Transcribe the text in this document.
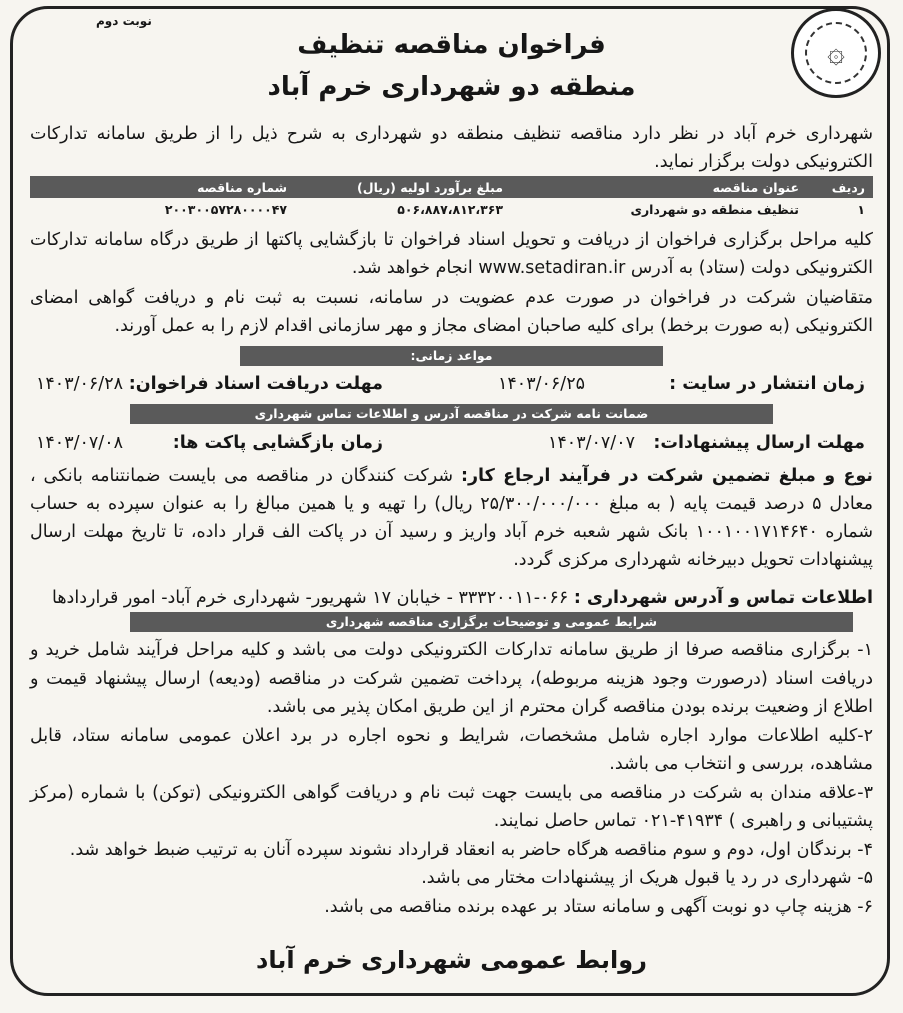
۞
نوبت دوم
فراخوان مناقصه تنظیف
منطقه دو شهرداری خرم آباد
شهرداری خرم آباد در نظر دارد مناقصه تنظیف منطقه دو شهرداری به شرح ذیل را از طریق سامانه تدارکات الکترونیکی دولت برگزار نماید.
ردیف	عنوان مناقصه	مبلغ برآورد اولیه (ریال)	شماره مناقصه
۱	تنظیف منطقه دو شهرداری	۵۰۶،۸۸۷،۸۱۲،۳۶۳	۲۰۰۳۰۰۵۷۲۸۰۰۰۰۴۷
کلیه مراحل برگزاری فراخوان از دریافت و تحویل اسناد فراخوان تا بازگشایی پاکتها از طریق درگاه سامانه تدارکات الکترونیکی دولت (ستاد) به آدرس www.setadiran.ir انجام خواهد شد.
متقاضیان شرکت در فراخوان در صورت عدم عضویت در سامانه، نسبت به ثبت نام و دریافت گواهی امضای الکترونیکی (به صورت برخط) برای کلیه صاحبان امضای مجاز و مهر سازمانی اقدام لازم را به عمل آورند.
مواعد زمانی:
زمان انتشار در سایت :
۱۴۰۳/۰۶/۲۵
مهلت دریافت اسناد فراخوان:
۱۴۰۳/۰۶/۲۸
ضمانت نامه شرکت در مناقصه آدرس و اطلاعات تماس شهرداری
مهلت ارسال پیشنهادات:
۱۴۰۳/۰۷/۰۷
زمان بازگشایی پاکت ها:
۱۴۰۳/۰۷/۰۸
نوع و مبلغ تضمین شرکت در فرآیند ارجاع کار: شرکت کنندگان در مناقصه می بایست ضمانتنامه بانکی ، معادل ۵ درصد قیمت پایه ( به مبلغ ۲۵/۳۰۰/۰۰۰/۰۰۰ ریال) را تهیه و یا همین مبالغ را به عنوان سپرده به حساب شماره ۱۰۰۱۰۰۱۷۱۴۶۴۰ بانک شهر شعبه خرم آباد واریز و رسید آن در پاکت الف قرار داده، تا تاریخ مهلت ارسال پیشنهادات تحویل دبیرخانه شهرداری مرکزی گردد.
اطلاعات تماس و آدرس شهرداری : ۰۶۶-۳۳۳۲۰۰۱۱ - خیابان ۱۷ شهریور- شهرداری خرم آباد- امور قراردادها
شرایط عمومی و توضیحات برگزاری مناقصه شهرداری
۱- برگزاری مناقصه صرفا از طریق سامانه تدارکات الکترونیکی دولت می باشد و کلیه مراحل فرآیند شامل خرید و دریافت اسناد (درصورت وجود هزینه مربوطه)، پرداخت تضمین شرکت در مناقصه (ودیعه) ارسال پیشنهاد قیمت و اطلاع از وضعیت برنده بودن مناقصه گران محترم از این طریق امکان پذیر می باشد.
۲-کلیه اطلاعات موارد اجاره شامل مشخصات، شرایط و نحوه اجاره در برد اعلان عمومی سامانه ستاد، قابل مشاهده، بررسی و انتخاب می باشد.
۳-علاقه مندان به شرکت در مناقصه می بایست جهت ثبت نام و دریافت گواهی الکترونیکی (توکن) با شماره (مرکز پشتیبانی و راهبری ) ۴۱۹۳۴-۰۲۱ تماس حاصل نمایند.
۴- برندگان اول، دوم و سوم مناقصه هرگاه حاضر به انعقاد قرارداد نشوند سپرده آنان به ترتیب ضبط خواهد شد.
۵- شهرداری در رد یا قبول هریک از پیشنهادات مختار می باشد.
۶- هزینه چاپ دو نوبت آگهی و سامانه ستاد بر عهده برنده مناقصه می باشد.
روابط عمومی شهرداری خرم آباد
